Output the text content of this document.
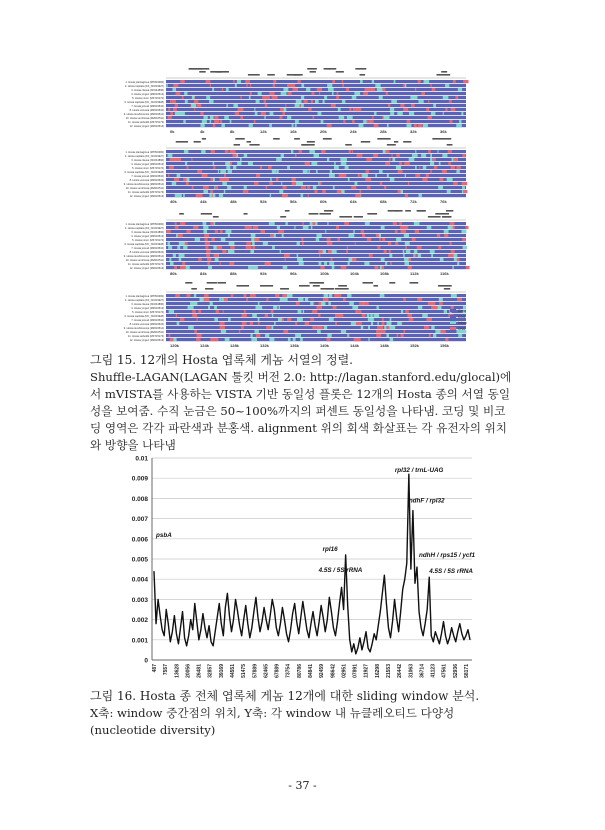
1. Hosta plantaginea (MT816382)
2. Hosta capitata (KF_NC019927)
3. Hosta clausa (NC044896)
4. Hosta yingeri (MZ016513)
5. Hosta minor (MK715174)
6. Hosta capitata (NC_NC019928)
7. Hosta jonesii (MZ016516)
8. Hosta venusta (MZ016515)
9. Hosta tsushimensis (MZ016514)
10. Hosta ventricosa (MZ016511)
11. Hosta sieboldii (MK715173)
12. Hosta yingeri (MZ016516)
0k	4k	8k	12k	16k	20k	24k	28k	32k	36k
1. Hosta plantaginea (MT816382)
2. Hosta capitata (KF_NC019927)
3. Hosta clausa (NC044896)
4. Hosta yingeri (MZ016513)
5. Hosta minor (MK715174)
6. Hosta capitata (NC_NC019928)
7. Hosta jonesii (MZ016516)
8. Hosta venusta (MZ016515)
9. Hosta tsushimensis (MZ016514)
10. Hosta ventricosa (MZ016511)
11. Hosta sieboldii (MK715173)
12. Hosta yingeri (MZ016516)
40k	44k	48k	52k	56k	60k	64k	68k	72k	76k
1. Hosta plantaginea (MT816382)
2. Hosta capitata (KF_NC019927)
3. Hosta clausa (NC044896)
4. Hosta yingeri (MZ016513)
5. Hosta minor (MK715174)
6. Hosta capitata (NC_NC019928)
7. Hosta jonesii (MZ016516)
8. Hosta venusta (MZ016515)
9. Hosta tsushimensis (MZ016514)
10. Hosta ventricosa (MZ016511)
11. Hosta sieboldii (MK715173)
12. Hosta yingeri (MZ016516)
80k	84k	88k	92k	96k	100k	104k	108k	112k	116k
1. Hosta plantaginea (MT816382)
2. Hosta capitata (KF_NC019927)
3. Hosta clausa (NC044896)
4. Hosta yingeri (MZ016513)
5. Hosta minor (MK715174)
6. Hosta capitata (NC_NC019928)
7. Hosta jonesii (MZ016516)
8. Hosta venusta (MZ016515)
9. Hosta tsushimensis (MZ016514)
10. Hosta ventricosa (MZ016511)
11. Hosta sieboldii (MK715173)
12. Hosta yingeri (MZ016516)
120k	124k	128k	132k	136k	140k	144k	148k	152k	156k
Gene
CDS
Intron
CNS
그림 15. 12개의 Hosta 엽록체 게놈 서열의 정렬.
Shuffle-LAGAN(LAGAN 툴킷 버전 2.0: http://lagan.stanford.edu/glocal)에서 mVISTA를 사용하는 VISTA 기반 동일성 플롯은 12개의 Hosta 종의 서열 동일성을 보여줌. 수직 눈금은 50~100%까지의 퍼센트 동일성을 나타냄. 코딩 및 비코딩 영역은 각각 파란색과 분홍색. alignment 위의 회색 화살표는 각 유전자의 위치와 방향을 나타냄
0
0.001
0.002
0.003
0.004
0.005
0.006
0.007
0.008
0.009
0.01
487 7557 13628 20056 26481 32857 39169 44551 51475 57889 62465 67889 73754 80786 84841 92459 98642 102951 107891 111927 116298 121553 126442 131063 136714 141123 147561 152936 158171
psbA
rpl16
4.5S / 5S rRNA
rpl32 / trnL-UAG
ndhF / rpl32
ndhH / rps15 / ycf1
4.5S / 5S rRNA
그림 16. Hosta 종 전체 엽록체 게놈 12개에 대한 sliding window 분석.
X축: window 중간점의 위치, Y축: 각 window 내 뉴클레오티드 다양성(nucleotide diversity)
- 37 -
